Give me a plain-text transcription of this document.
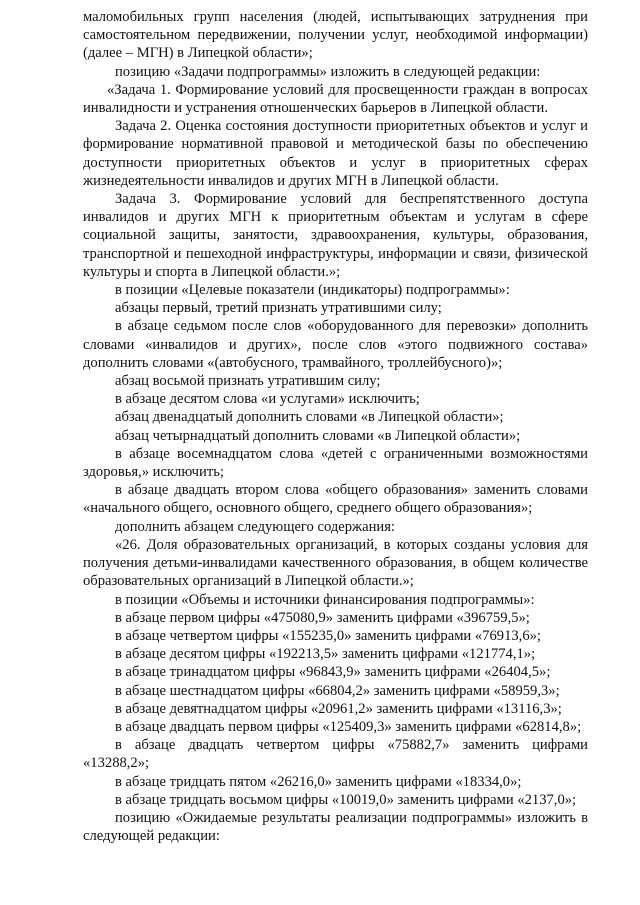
маломобильных групп населения (людей, испытывающих затруднения при самостоятельном передвижении, получении услуг, необходимой информации) (далее – МГН) в Липецкой области»;

позицию «Задачи подпрограммы» изложить в следующей редакции:

«Задача 1. Формирование условий для просвещенности граждан в вопросах инвалидности и устранения отношенческих барьеров в Липецкой области.

Задача 2. Оценка состояния доступности приоритетных объектов и услуг и формирование нормативной правовой и методической базы по обеспечению доступности приоритетных объектов и услуг в приоритетных сферах жизнедеятельности инвалидов и других МГН в Липецкой области.

Задача 3. Формирование условий для беспрепятственного доступа инвалидов и других МГН к приоритетным объектам и услугам в сфере социальной защиты, занятости, здравоохранения, культуры, образования, транспортной и пешеходной инфраструктуры, информации и связи, физической культуры и спорта в Липецкой области.»;

в позиции «Целевые показатели (индикаторы) подпрограммы»:

абзацы первый, третий признать утратившими силу;

в абзаце седьмом после слов «оборудованного для перевозки» дополнить словами «инвалидов и других», после слов «этого подвижного состава» дополнить словами «(автобусного, трамвайного, троллейбусного)»;

абзац восьмой признать утратившим силу;

в абзаце десятом слова «и услугами» исключить;

абзац двенадцатый дополнить словами «в Липецкой области»;

абзац четырнадцатый дополнить словами «в Липецкой области»;

в абзаце восемнадцатом слова «детей с ограниченными возможностями здоровья,» исключить;

в абзаце двадцать втором слова «общего образования» заменить словами «начального общего, основного общего, среднего общего образования»;

дополнить абзацем следующего содержания:

«26. Доля образовательных организаций, в которых созданы условия для получения детьми-инвалидами качественного образования, в общем количестве образовательных организаций в Липецкой области.»;

в позиции «Объемы и источники финансирования подпрограммы»:

в абзаце первом цифры «475080,9» заменить цифрами «396759,5»;

в абзаце четвертом цифры «155235,0» заменить цифрами «76913,6»;

в абзаце десятом цифры «192213,5» заменить цифрами «121774,1»;

в абзаце тринадцатом цифры «96843,9» заменить цифрами «26404,5»;

в абзаце шестнадцатом цифры «66804,2» заменить цифрами «58959,3»;

в абзаце девятнадцатом цифры «20961,2» заменить цифрами «13116,3»;

в абзаце двадцать первом цифры «125409,3» заменить цифрами «62814,8»;

в абзаце двадцать четвертом цифры «75882,7» заменить цифрами «13288,2»;

в абзаце тридцать пятом «26216,0» заменить цифрами «18334,0»;

в абзаце тридцать восьмом цифры «10019,0» заменить цифрами «2137,0»;

позицию «Ожидаемые результаты реализации подпрограммы» изложить в следующей редакции:
